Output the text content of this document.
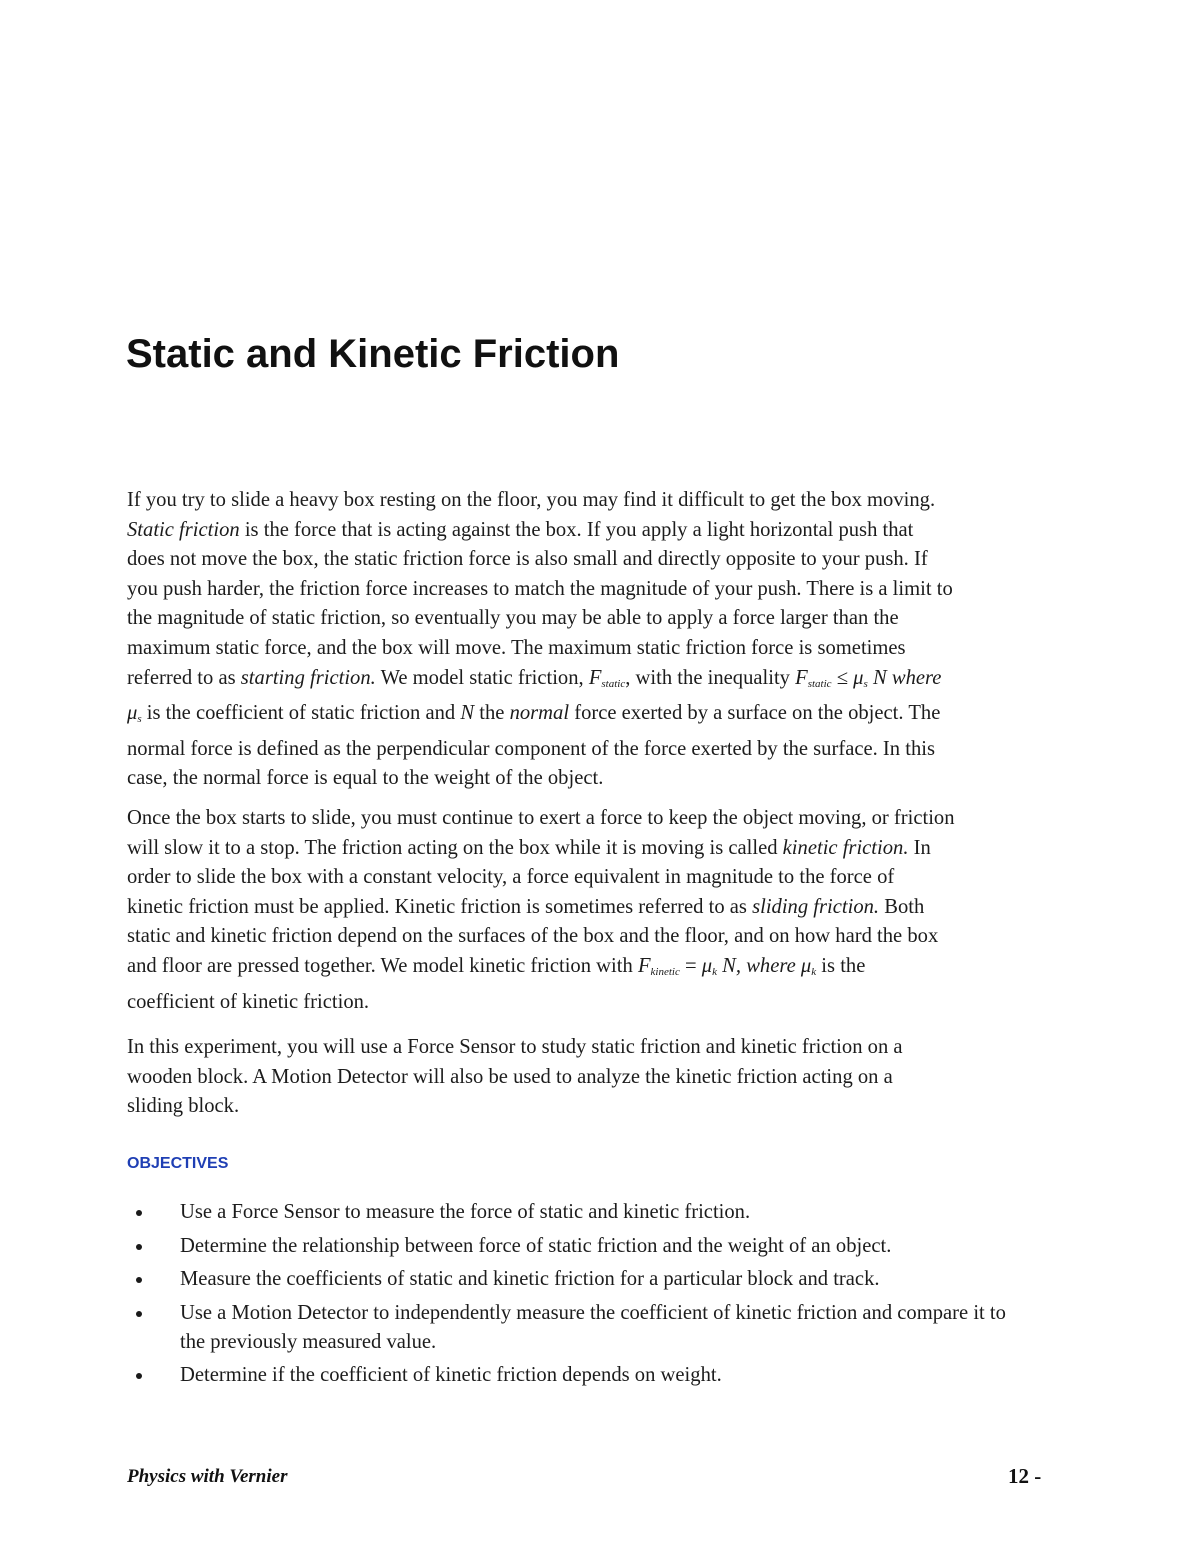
Static and Kinetic Friction
If you try to slide a heavy box resting on the floor, you may find it difficult to get the box moving.
Static friction is the force that is acting against the box. If you apply a light horizontal push that
does not move the box, the static friction force is also small and directly opposite to your push. If
you push harder, the friction force increases to match the magnitude of your push. There is a limit to
the magnitude of static friction, so eventually you may be able to apply a force larger than the
maximum static force, and the box will move. The maximum static friction force is sometimes
referred to as starting friction. We model static friction, $F_{static}$, with the inequality $F_{static} \le \mu_s$ N where
$\mu_s$ is the coefficient of static friction and N the normal force exerted by a surface on the object. The
normal force is defined as the perpendicular component of the force exerted by the surface. In this
case, the normal force is equal to the weight of the object.
Once the box starts to slide, you must continue to exert a force to keep the object moving, or friction
will slow it to a stop. The friction acting on the box while it is moving is called kinetic friction. In
order to slide the box with a constant velocity, a force equivalent in magnitude to the force of
kinetic friction must be applied. Kinetic friction is sometimes referred to as sliding friction. Both
static and kinetic friction depend on the surfaces of the box and the floor, and on how hard the box
and floor are pressed together. We model kinetic friction with $F_{kinetic} = \mu_k$ N, where $\mu_k$ is the
coefficient of kinetic friction.
In this experiment, you will use a Force Sensor to study static friction and kinetic friction on a
wooden block. A Motion Detector will also be used to analyze the kinetic friction acting on a
sliding block.
OBJECTIVES
Use a Force Sensor to measure the force of static and kinetic friction.
Determine the relationship between force of static friction and the weight of an object.
Measure the coefficients of static and kinetic friction for a particular block and track.
Use a Motion Detector to independently measure the coefficient of kinetic friction and compare it to the previously measured value.
Determine if the coefficient of kinetic friction depends on weight.
Physics with Vernier	12 -
